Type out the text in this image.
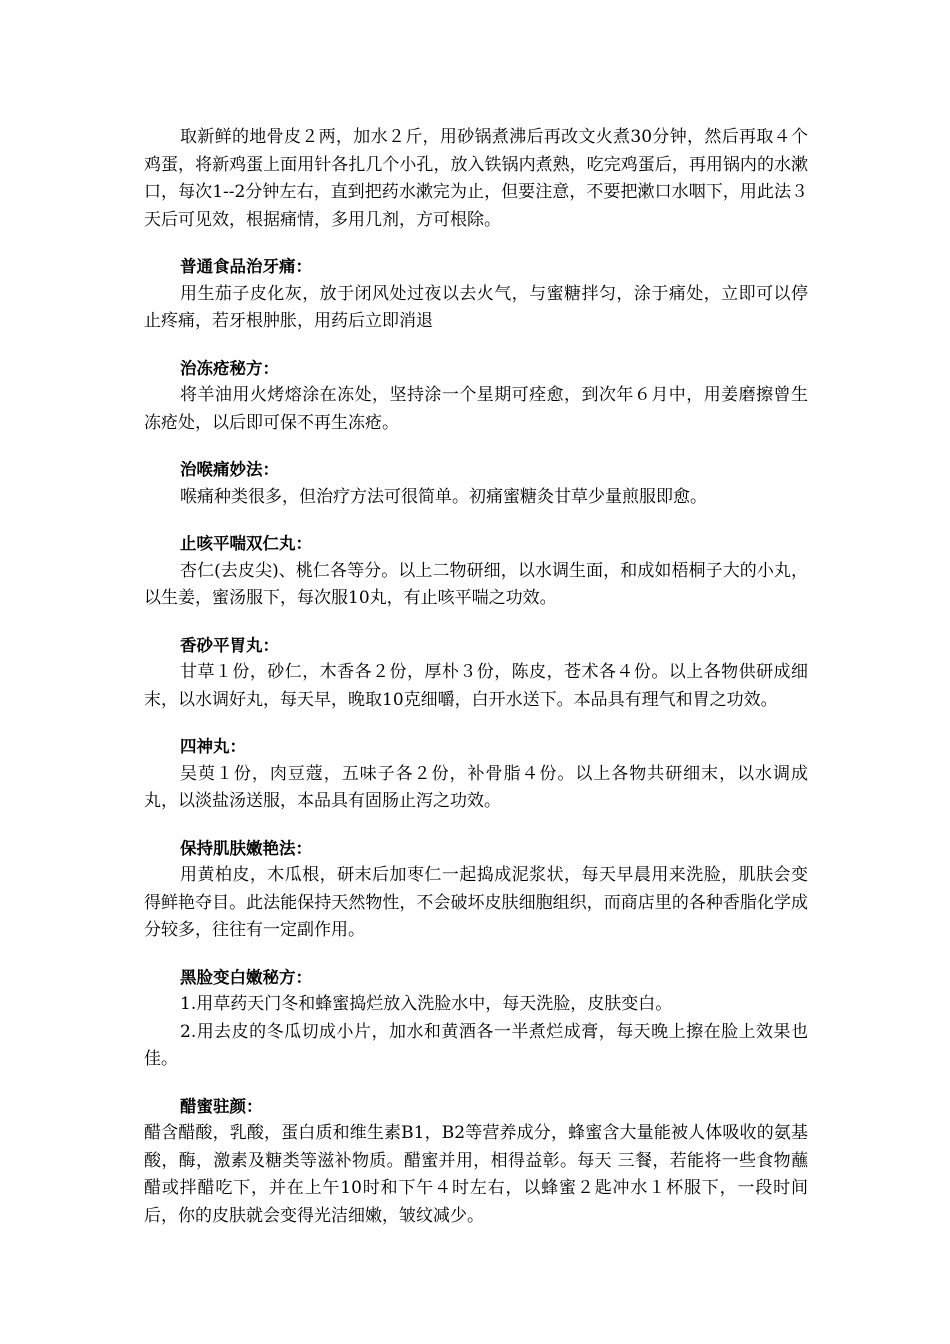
取新鲜的地骨皮２两，加水２斤，用砂锅煮沸后再改文火煮30分钟，然后再取４个鸡蛋，将新鸡蛋上面用针各扎几个小孔，放入铁锅内煮熟，吃完鸡蛋后，再用锅内的水漱口，每次1--2分钟左右，直到把药水漱完为止，但要注意，不要把漱口水咽下，用此法３天后可见效，根据痛情，多用几剂，方可根除。

普通食品治牙痛：

用生茄子皮化灰，放于闭风处过夜以去火气，与蜜糖拌匀，涂于痛处，立即可以停止疼痛，若牙根肿胀，用药后立即消退

治冻疮秘方：

将羊油用火烤熔涂在冻处，坚持涂一个星期可痊愈，到次年６月中，用姜磨擦曾生冻疮处，以后即可保不再生冻疮。

治喉痛妙法：

喉痛种类很多，但治疗方法可很简单。初痛蜜糖灸甘草少量煎服即愈。

止咳平喘双仁丸：

杏仁(去皮尖)、桃仁各等分。以上二物研细，以水调生面，和成如梧桐子大的小丸，以生姜，蜜汤服下，每次服10丸，有止咳平喘之功效。

香砂平胃丸：

甘草１份，砂仁，木香各２份，厚朴３份，陈皮，苍术各４份。以上各物供研成细末，以水调好丸，每天早，晚取10克细嚼，白开水送下。本品具有理气和胃之功效。

四神丸：

吴萸１份，肉豆蔻，五味子各２份，补骨脂４份。以上各物共研细末，以水调成丸，以淡盐汤送服，本品具有固肠止泻之功效。

保持肌肤嫩艳法：

用黄柏皮，木瓜根，研末后加枣仁一起捣成泥浆状，每天早晨用来洗脸，肌肤会变得鲜艳夺目。此法能保持天然物性，不会破坏皮肤细胞组织，而商店里的各种香脂化学成分较多，往往有一定副作用。

黑脸变白嫩秘方：

1.用草药天门冬和蜂蜜捣烂放入洗脸水中，每天洗脸，皮肤变白。

2.用去皮的冬瓜切成小片，加水和黄酒各一半煮烂成膏，每天晚上擦在脸上效果也佳。

醋蜜驻颜：

醋含醋酸，乳酸，蛋白质和维生素B1，B2等营养成分，蜂蜜含大量能被人体吸收的氨基酸，酶，激素及糖类等滋补物质。醋蜜并用，相得益彰。每天 三餐，若能将一些食物蘸醋或拌醋吃下，并在上午10时和下午４时左右，以蜂蜜２匙冲水１杯服下，一段时间后，你的皮肤就会变得光洁细嫩，皱纹减少。
